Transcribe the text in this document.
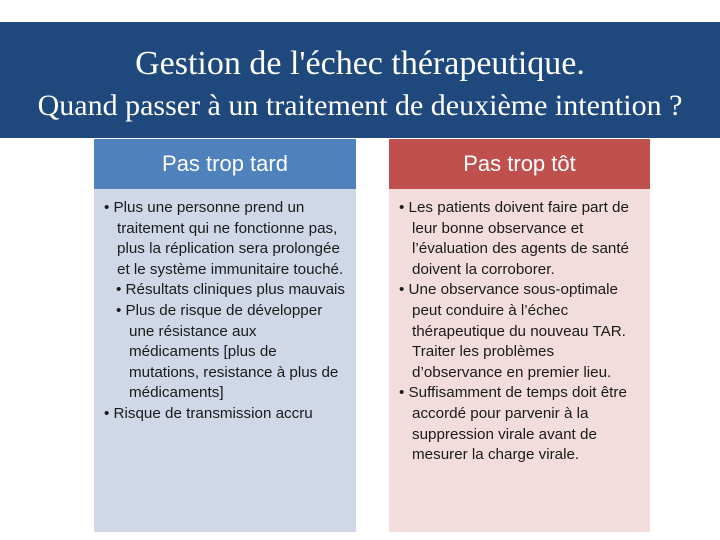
Gestion de l'échec thérapeutique.
Quand passer à un traitement de deuxième intention ?
Pas trop tard

• Plus une personne prend un traitement qui ne fonctionne pas, plus la réplication sera prolongée et le système immunitaire touché.

• Résultats cliniques plus mauvais

• Plus de risque de développer une résistance aux médicaments [plus de mutations, resistance à plus de médicaments]

• Risque de transmission accru

Pas trop tôt

• Les patients doivent faire part de leur bonne observance et l’évaluation des agents de santé doivent la corroborer.

• Une observance sous-optimale peut conduire à l’échec thérapeutique du nouveau TAR. Traiter les problèmes d’observance en premier lieu.

• Suffisamment de temps doit être accordé pour parvenir à la suppression virale avant de mesurer la charge virale.
